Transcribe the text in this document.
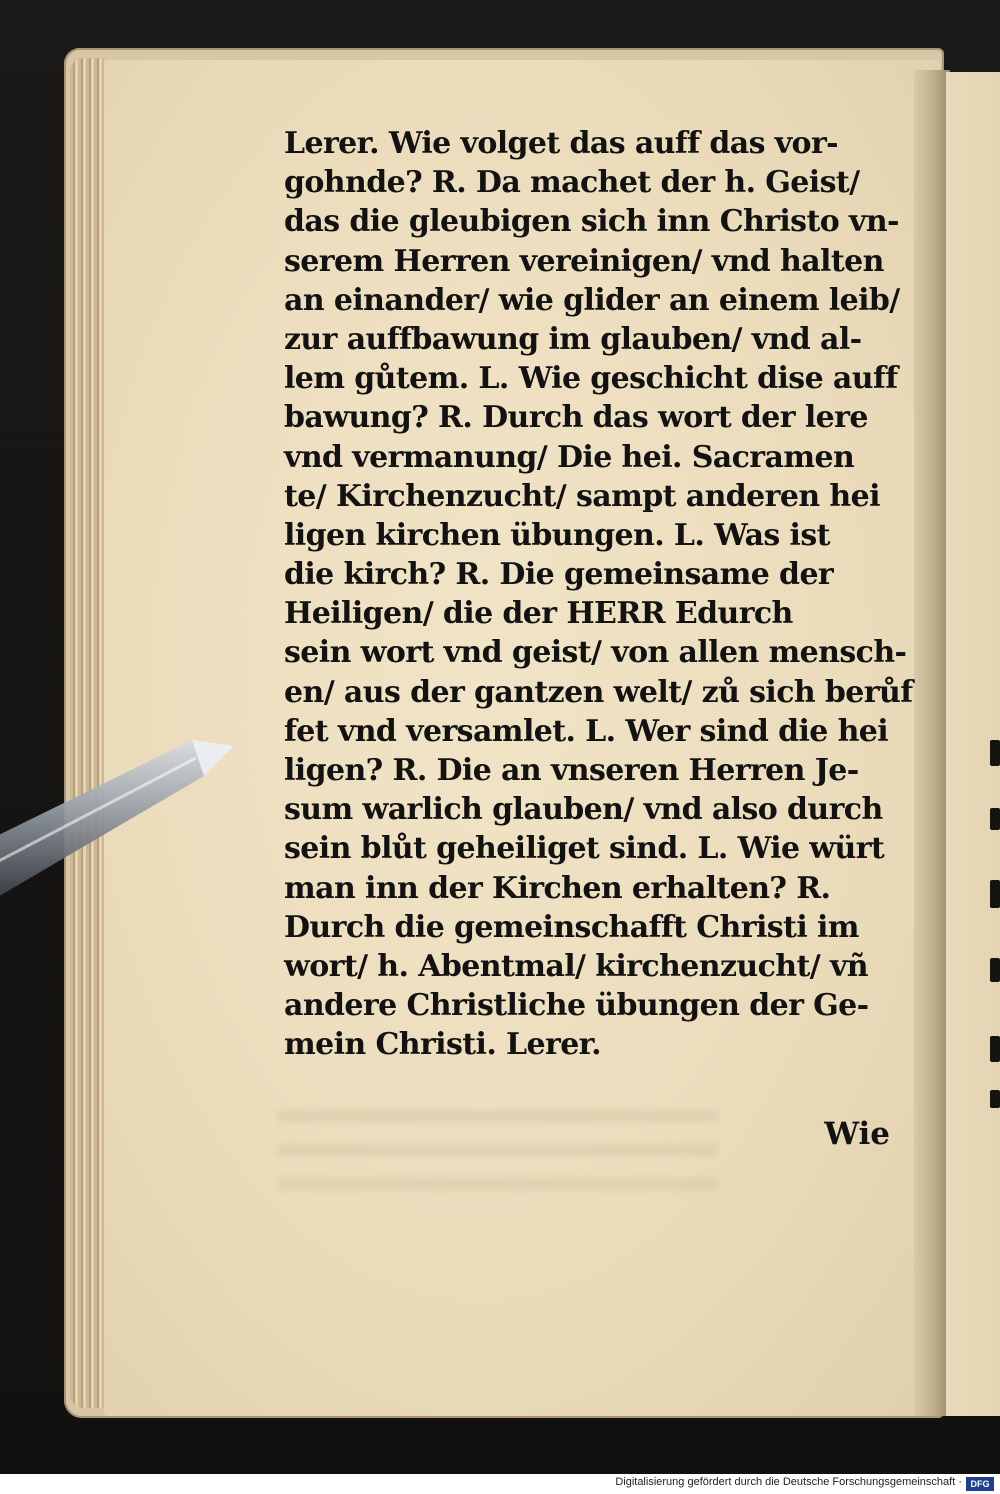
Lerer. Wie volget das auff das vor-
gohnde? R. Da machet der h. Geist/
das die gleubigen sich inn Christo vn-
serem Herren vereinigen/ vnd halten
an einander/ wie glider an einem leib/
zur auffbawung im glauben/ vnd al-
lem gůtem. L. Wie geschicht dise auff
bawung? R. Durch das wort der lere
vnd vermanung/ Die hei. Sacramen
te/ Kirchenzucht/ sampt anderen hei
ligen kirchen übungen. L. Was ist
die kirch? R. Die gemeinsame der
Heiligen/ die der HERR Edurch
sein wort vnd geist/ von allen mensch-
en/ aus der gantzen welt/ zů sich berůf
fet vnd versamlet. L. Wer sind die hei
ligen? R. Die an vnseren Herren Je-
sum warlich glauben/ vnd also durch
sein blůt geheiliget sind. L. Wie würt
man inn der Kirchen erhalten? R.
Durch die gemeinschafft Christi im
wort/ h. Abentmal/ kirchenzucht/ vñ
andere Christliche übungen der Ge-
mein Christi. Lerer.
Wie
Digitalisierung gefördert durch die Deutsche Forschungsgemeinschaft · DFG
